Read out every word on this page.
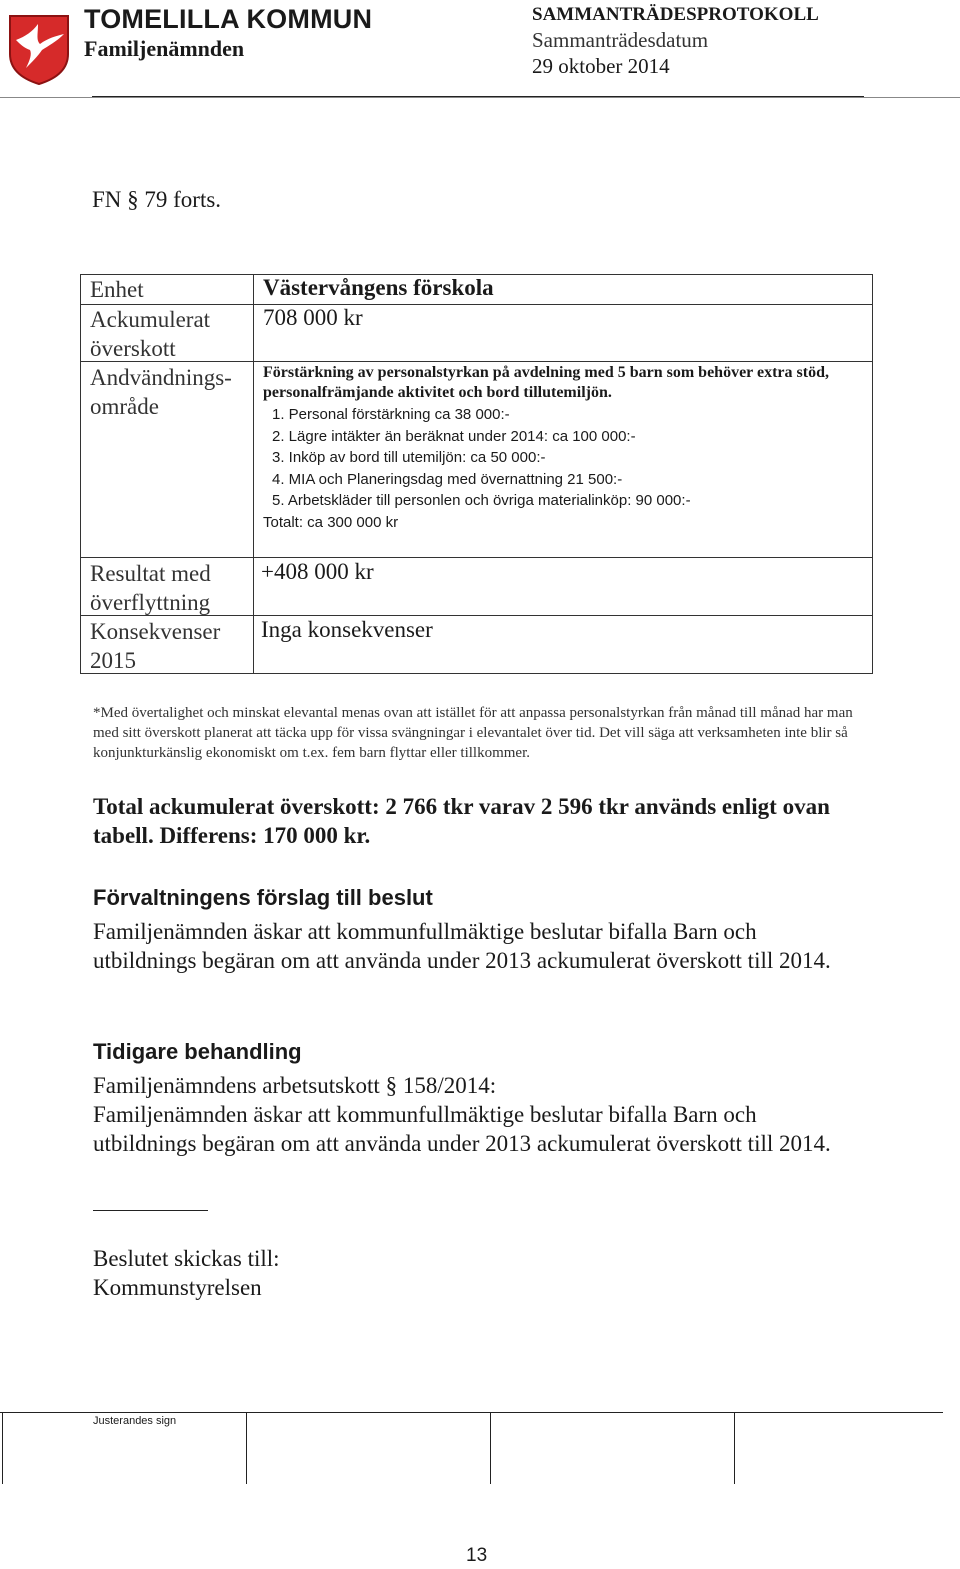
TOMELILLA KOMMUN
Familjenämnden
SAMMANTRÄDESPROTOKOLL
Sammanträdesdatum
29 oktober 2014
FN § 79 forts.
Enhet	Västervångens förskola
Ackumulerat överskott
708 000 kr
Andvändnings-område
Förstärkning av personalstyrkan på avdelning med 5 barn som behöver extra stöd, personalfrämjande aktivitet och bord tillutemiljön.
1. Personal förstärkning ca 38 000:-
2. Lägre intäkter än beräknat under 2014: ca 100 000:-
3. Inköp av bord till utemiljön: ca 50 000:-
4. MIA och Planeringsdag med övernattning 21 500:-
5. Arbetskläder till personlen och övriga materialinköp: 90 000:-
Totalt: ca 300 000 kr
Resultat med överflyttning
+408 000 kr
Konsekvenser 2015
Inga konsekvenser
*Med övertalighet och minskat elevantal menas ovan att istället för att anpassa personalstyrkan från månad till månad har man med sitt överskott planerat att täcka upp för vissa svängningar i elevantalet över tid. Det vill säga att verksamheten inte blir så konjunkturkänslig ekonomiskt om t.ex. fem barn flyttar eller tillkommer.
Total ackumulerat överskott: 2 766 tkr varav 2 596 tkr används enligt ovan tabell. Differens: 170 000 kr.
Förvaltningens förslag till beslut
Familjenämnden äskar att kommunfullmäktige beslutar bifalla Barn och utbildnings begäran om att använda under 2013 ackumulerat överskott till 2014.
Tidigare behandling
Familjenämndens arbetsutskott § 158/2014:
Familjenämnden äskar att kommunfullmäktige beslutar bifalla Barn och utbildnings begäran om att använda under 2013 ackumulerat överskott till 2014.
Beslutet skickas till:
Kommunstyrelsen
Justerandes sign
13
